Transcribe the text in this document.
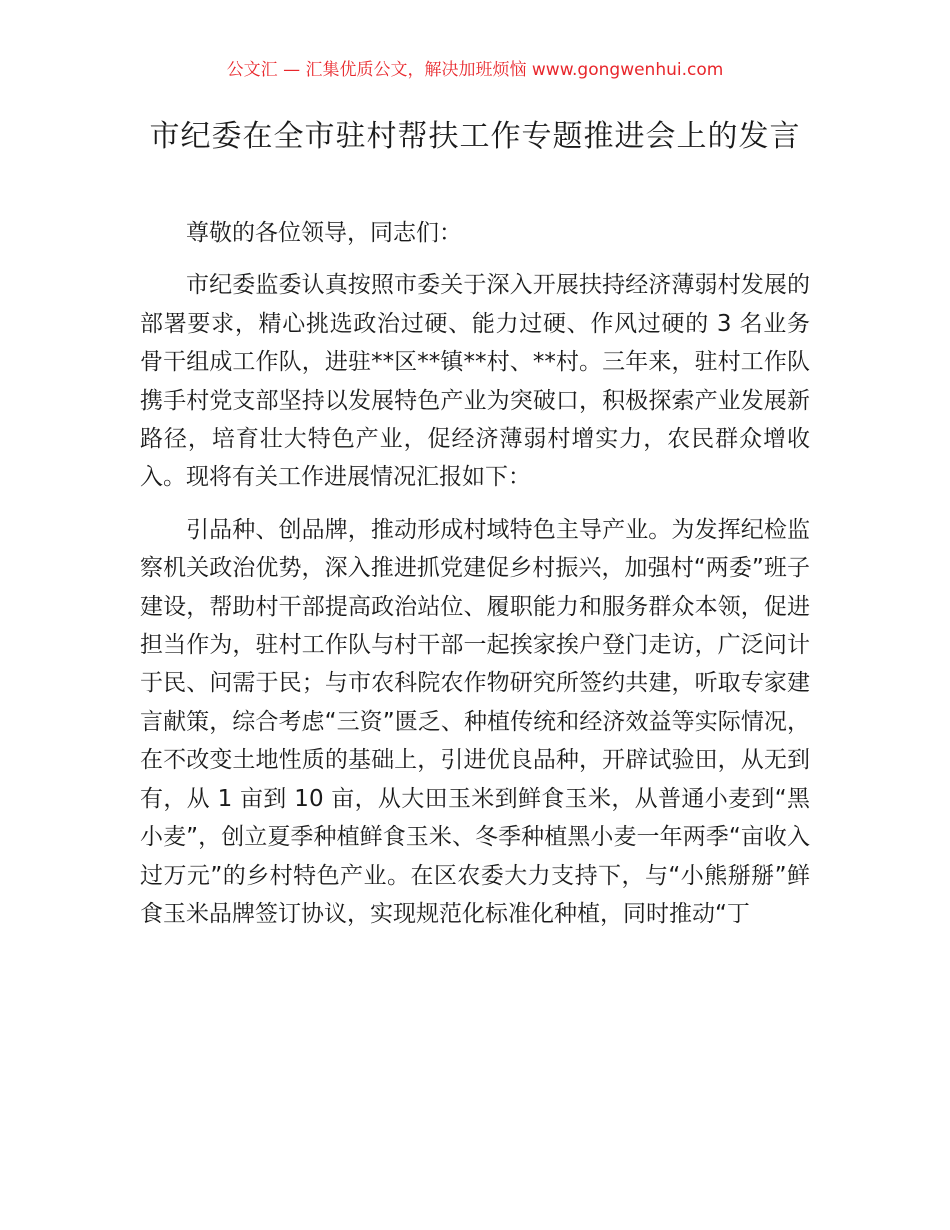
公文汇 — 汇集优质公文，解决加班烦恼 www.gongwenhui.com
市纪委在全市驻村帮扶工作专题推进会上的发言

尊敬的各位领导，同志们：

市纪委监委认真按照市委关于深入开展扶持经济薄弱村发展的部署要求，精心挑选政治过硬、能力过硬、作风过硬的 3 名业务骨干组成工作队，进驻**区**镇**村、**村。三年来，驻村工作队携手村党支部坚持以发展特色产业为突破口，积极探索产业发展新路径，培育壮大特色产业，促经济薄弱村增实力，农民群众增收入。现将有关工作进展情况汇报如下：

引品种、创品牌，推动形成村域特色主导产业。为发挥纪检监察机关政治优势，深入推进抓党建促乡村振兴，加强村“两委”班子建设，帮助村干部提高政治站位、履职能力和服务群众本领，促进担当作为，驻村工作队与村干部一起挨家挨户登门走访，广泛问计于民、问需于民；与市农科院农作物研究所签约共建，听取专家建言献策，综合考虑“三资”匮乏、种植传统和经济效益等实际情况，在不改变土地性质的基础上，引进优良品种，开辟试验田，从无到有，从 1 亩到 10 亩，从大田玉米到鲜食玉米，从普通小麦到“黑小麦”，创立夏季种植鲜食玉米、冬季种植黑小麦一年两季“亩收入过万元”的乡村特色产业。在区农委大力支持下，与“小熊掰掰”鲜食玉米品牌签订协议，实现规范化标准化种植，同时推动“丁
